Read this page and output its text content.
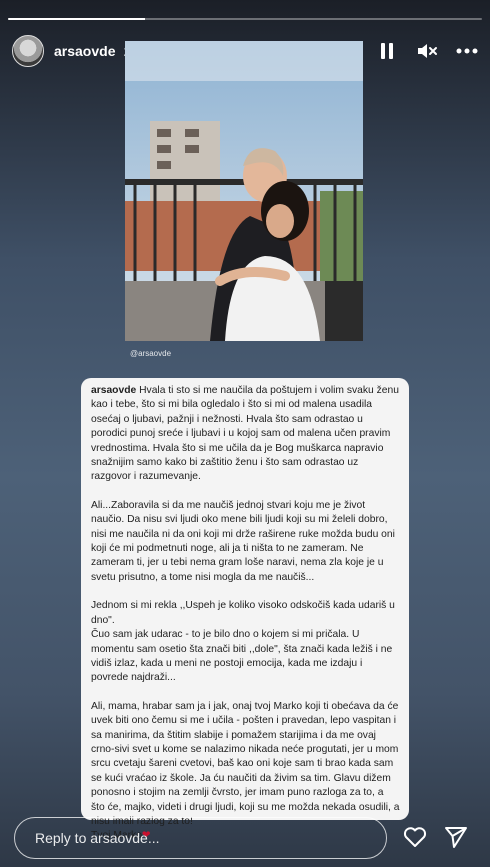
arsaovde
@arsaovde

arsaovde Hvala ti sto si me naučila da poštujem i volim svaku ženu kao i tebe, što si mi bila ogledalo i što si mi od malena usadila osećaj o ljubavi, pažnji i nežnosti. Hvala što sam odrastao u porodici punoj sreće i ljubavi i u kojoj sam od malena učen pravim vrednostima. Hvala što si me učila da je Bog muškarca napravio snažnijim samo kako bi zaštitio ženu i što sam odrastao uz razgovor i razumevanje.

Ali...Zaboravila si da me naučiš jednoj stvari koju me je život naučio. Da nisu svi ljudi oko mene bili ljudi koji su mi želeli dobro, nisi me naučila ni da oni koji mi drže raširene ruke možda budu oni koji će mi podmetnuti noge, ali ja ti ništa to ne zameram. Ne zameram ti, jer u tebi nema gram loše naravi, nema zla koje je u svetu prisutno, a tome nisi mogla da me naučiš...

Jednom si mi rekla ,,Uspeh je koliko visoko odskočiš kada udariš u dno".
Čuo sam jak udarac - to je bilo dno o kojem si mi pričala. U momentu sam osetio šta znači biti ,,dole", šta znači kada ležiš i ne vidiš izlaz, kada u meni ne postoji emocija, kada me izdaju i povrede najdraži...

Ali, mama, hrabar sam ja i jak, onaj tvoj Marko koji ti obećava da će uvek biti ono čemu si me i učila - pošten i pravedan, lepo vaspitan i sa manirima, da štitim slabije i pomažem starijima i da me ovaj crno-sivi svet u kome se nalazimo nikada neće progutati, jer u mom srcu cvetaju šareni cvetovi, baš kao oni koje sam ti brao kada sam se kući vraćao iz škole. Ja ću naučiti da živim sa tim. Glavu dižem ponosno i stojim na zemlji čvrsto, jer imam puno razloga za to, a što će, majko, videti i drugi ljudi, koji su me možda nekada osudili, a nisu imali razlog za to!
Tvoj Marko❤

Reply to arsaovde...
